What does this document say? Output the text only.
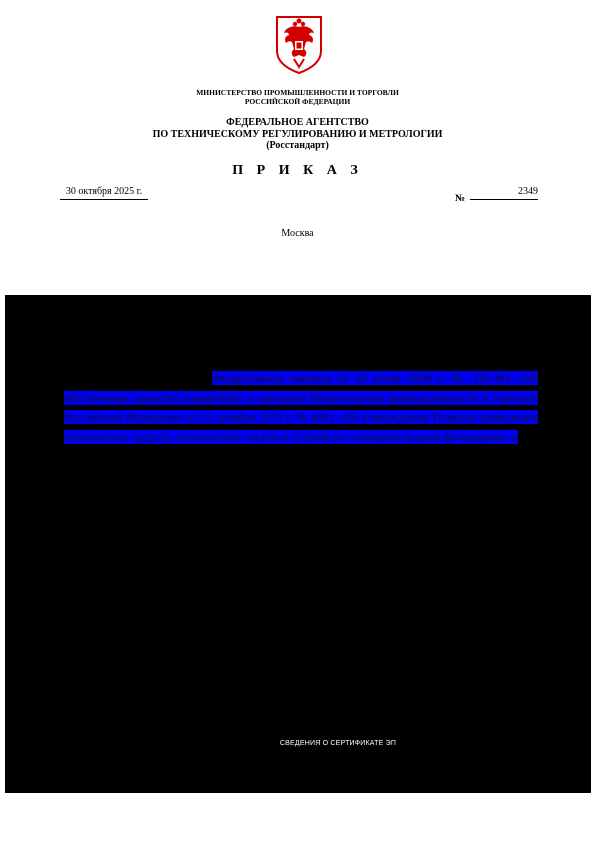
МИНИСТЕРСТВО ПРОМЫШЛЕННОСТИ И ТОРГОВЛИ
РОССИЙСКОЙ ФЕДЕРАЦИИ
ФЕДЕРАЛЬНОЕ АГЕНТСТВО
ПО ТЕХНИЧЕСКОМУ РЕГУЛИРОВАНИЮ И МЕТРОЛОГИИ
(Росстандарт)
П Р И К А З
30 октября 2025 г.
№
2349
Москва
Федеральным законом от 26 июня 2008 г. № 102-ФЗ «Об обеспечении единства измерений» и приказом Министерства промышленности и торговли Российской Федерации от 15 декабря 2015 г. № 4091 «Об утверждении Порядка проведения технических средств, технических систем и устройств с измерительными функциями» и
СВЕДЕНИЯ О СЕРТИФИКАТЕ ЭП
